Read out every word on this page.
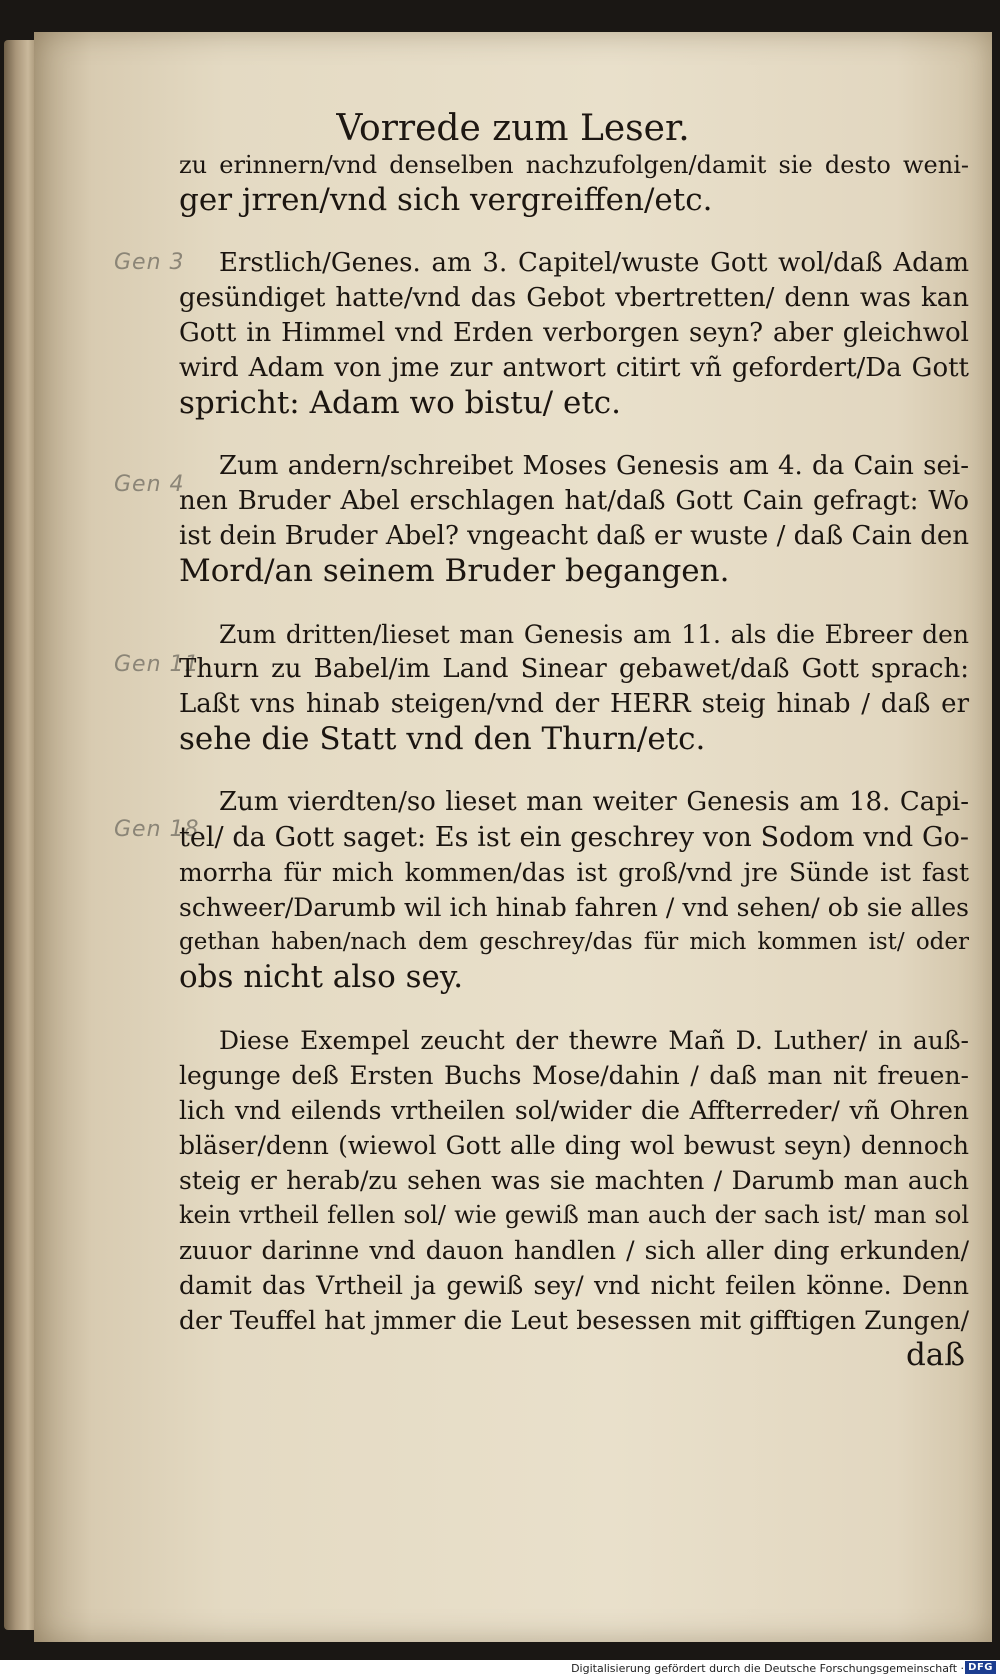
Vorrede zum Leser.
Gen 3
Gen 4
Gen 11
Gen 18
zu erinnern/vnd denselben nachzufolgen/damit sie desto weni-
ger jrren/vnd sich vergreiffen/etc.
Erstlich/Genes. am 3. Capitel/wuste Gott wol/daß Adam
gesündiget hatte/vnd das Gebot vbertretten/ denn was kan
Gott in Himmel vnd Erden verborgen seyn? aber gleichwol
wird Adam von jme zur antwort citirt vñ gefordert/Da Gott
spricht: Adam wo bistu/ etc.
Zum andern/schreibet Moses Genesis am 4. da Cain sei-
nen Bruder Abel erschlagen hat/daß Gott Cain gefragt: Wo
ist dein Bruder Abel? vngeacht daß er wuste / daß Cain den
Mord/an seinem Bruder begangen.
Zum dritten/lieset man Genesis am 11. als die Ebreer den
Thurn zu Babel/im Land Sinear gebawet/daß Gott sprach:
Laßt vns hinab steigen/vnd der HERR steig hinab / daß er
sehe die Statt vnd den Thurn/etc.
Zum vierdten/so lieset man weiter Genesis am 18. Capi-
tel/ da Gott saget: Es ist ein geschrey von Sodom vnd Go-
morrha für mich kommen/das ist groß/vnd jre Sünde ist fast
schweer/Darumb wil ich hinab fahren / vnd sehen/ ob sie alles
gethan haben/nach dem geschrey/das für mich kommen ist/ oder
obs nicht also sey.
Diese Exempel zeucht der thewre Mañ D. Luther/ in auß-
legunge deß Ersten Buchs Mose/dahin / daß man nit freuen-
lich vnd eilends vrtheilen sol/wider die Affterreder/ vñ Ohren
bläser/denn (wiewol Gott alle ding wol bewust seyn) dennoch
steig er herab/zu sehen was sie machten / Darumb man auch
kein vrtheil fellen sol/ wie gewiß man auch der sach ist/ man sol
zuuor darinne vnd dauon handlen / sich aller ding erkunden/
damit das Vrtheil ja gewiß sey/ vnd nicht feilen könne. Denn
der Teuffel hat jmmer die Leut besessen mit gifftigen Zungen/
daß
Digitalisierung gefördert durch die Deutsche Forschungsgemeinschaft · DFG
